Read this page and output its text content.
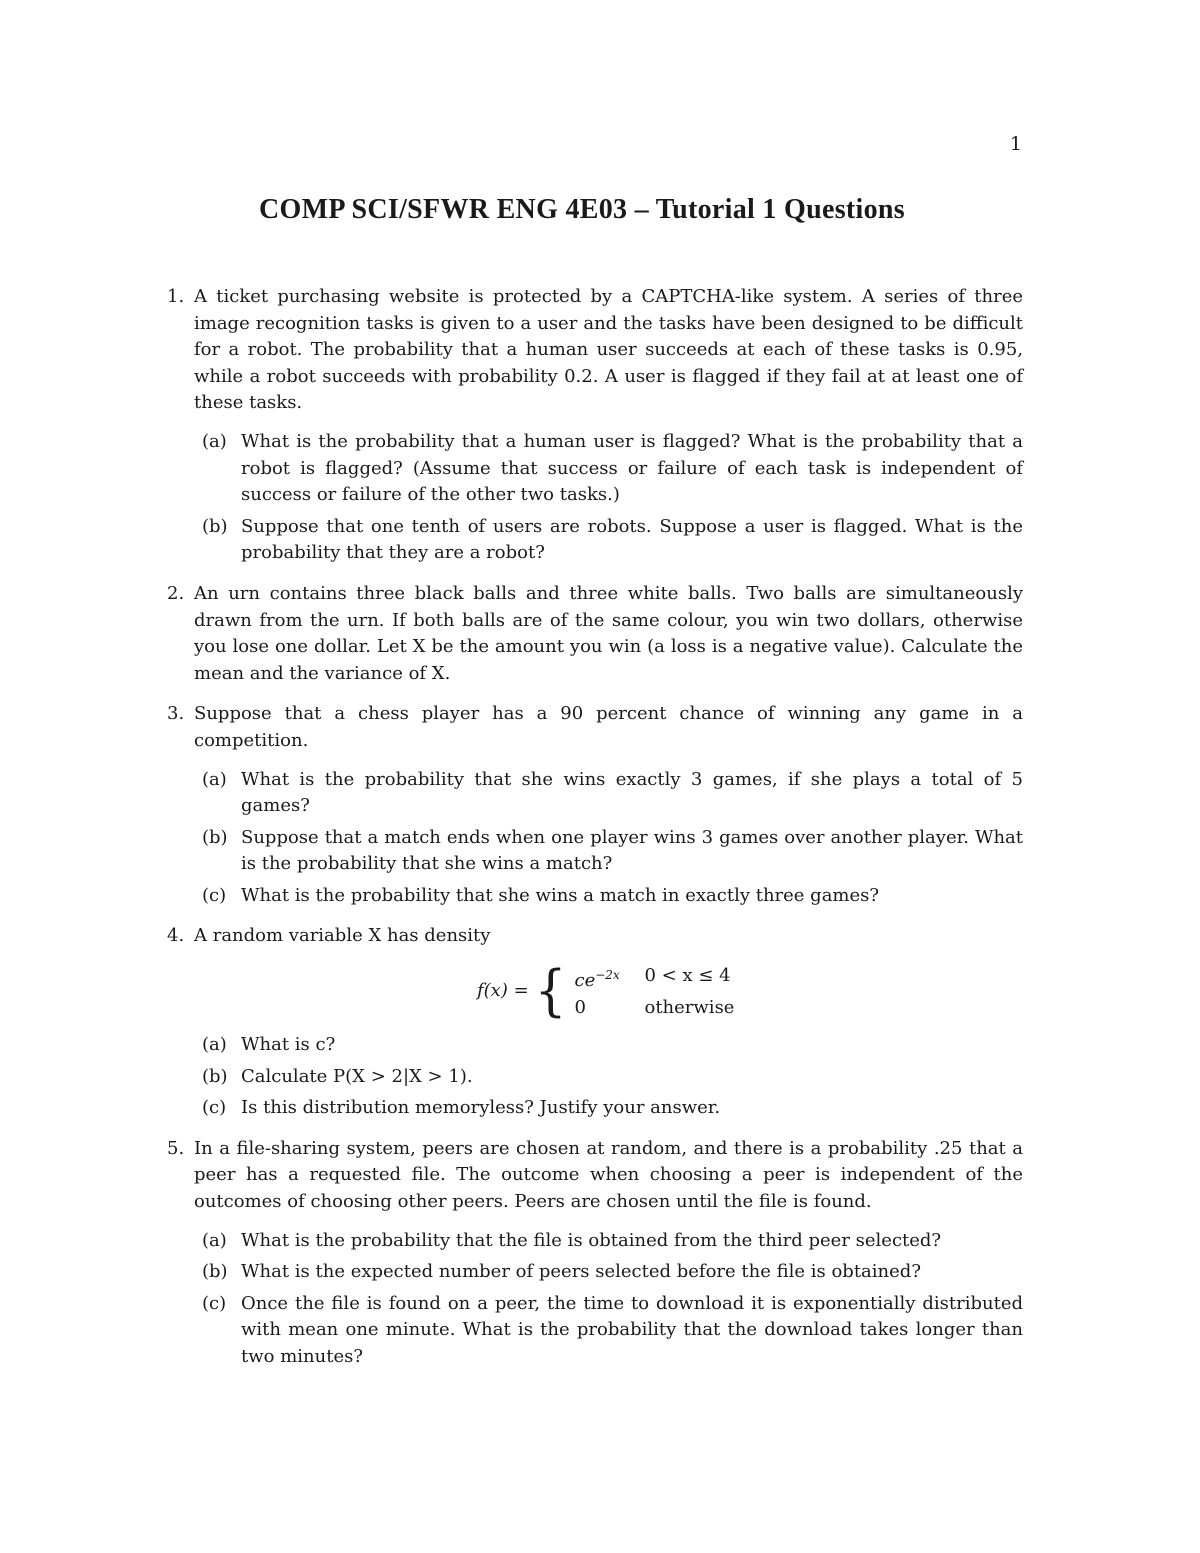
1
COMP SCI/SFWR ENG 4E03 – Tutorial 1 Questions
1. A ticket purchasing website is protected by a CAPTCHA-like system. A series of three image recognition tasks is given to a user and the tasks have been designed to be difficult for a robot. The probability that a human user succeeds at each of these tasks is 0.95, while a robot succeeds with probability 0.2. A user is flagged if they fail at at least one of these tasks.
(a) What is the probability that a human user is flagged? What is the probability that a robot is flagged? (Assume that success or failure of each task is independent of success or failure of the other two tasks.)
(b) Suppose that one tenth of users are robots. Suppose a user is flagged. What is the probability that they are a robot?
2. An urn contains three black balls and three white balls. Two balls are simultaneously drawn from the urn. If both balls are of the same colour, you win two dollars, otherwise you lose one dollar. Let X be the amount you win (a loss is a negative value). Calculate the mean and the variance of X.
3. Suppose that a chess player has a 90 percent chance of winning any game in a competition.
(a) What is the probability that she wins exactly 3 games, if she plays a total of 5 games?
(b) Suppose that a match ends when one player wins 3 games over another player. What is the probability that she wins a match?
(c) What is the probability that she wins a match in exactly three games?
4. A random variable X has density
f(x) = { $ce^{-2x}$	0 < x ≤ 4
0	otherwise
(a) What is c?
(b) Calculate P(X > 2|X > 1).
(c) Is this distribution memoryless? Justify your answer.
5. In a file-sharing system, peers are chosen at random, and there is a probability .25 that a peer has a requested file. The outcome when choosing a peer is independent of the outcomes of choosing other peers. Peers are chosen until the file is found.
(a) What is the probability that the file is obtained from the third peer selected?
(b) What is the expected number of peers selected before the file is obtained?
(c) Once the file is found on a peer, the time to download it is exponentially distributed with mean one minute. What is the probability that the download takes longer than two minutes?
